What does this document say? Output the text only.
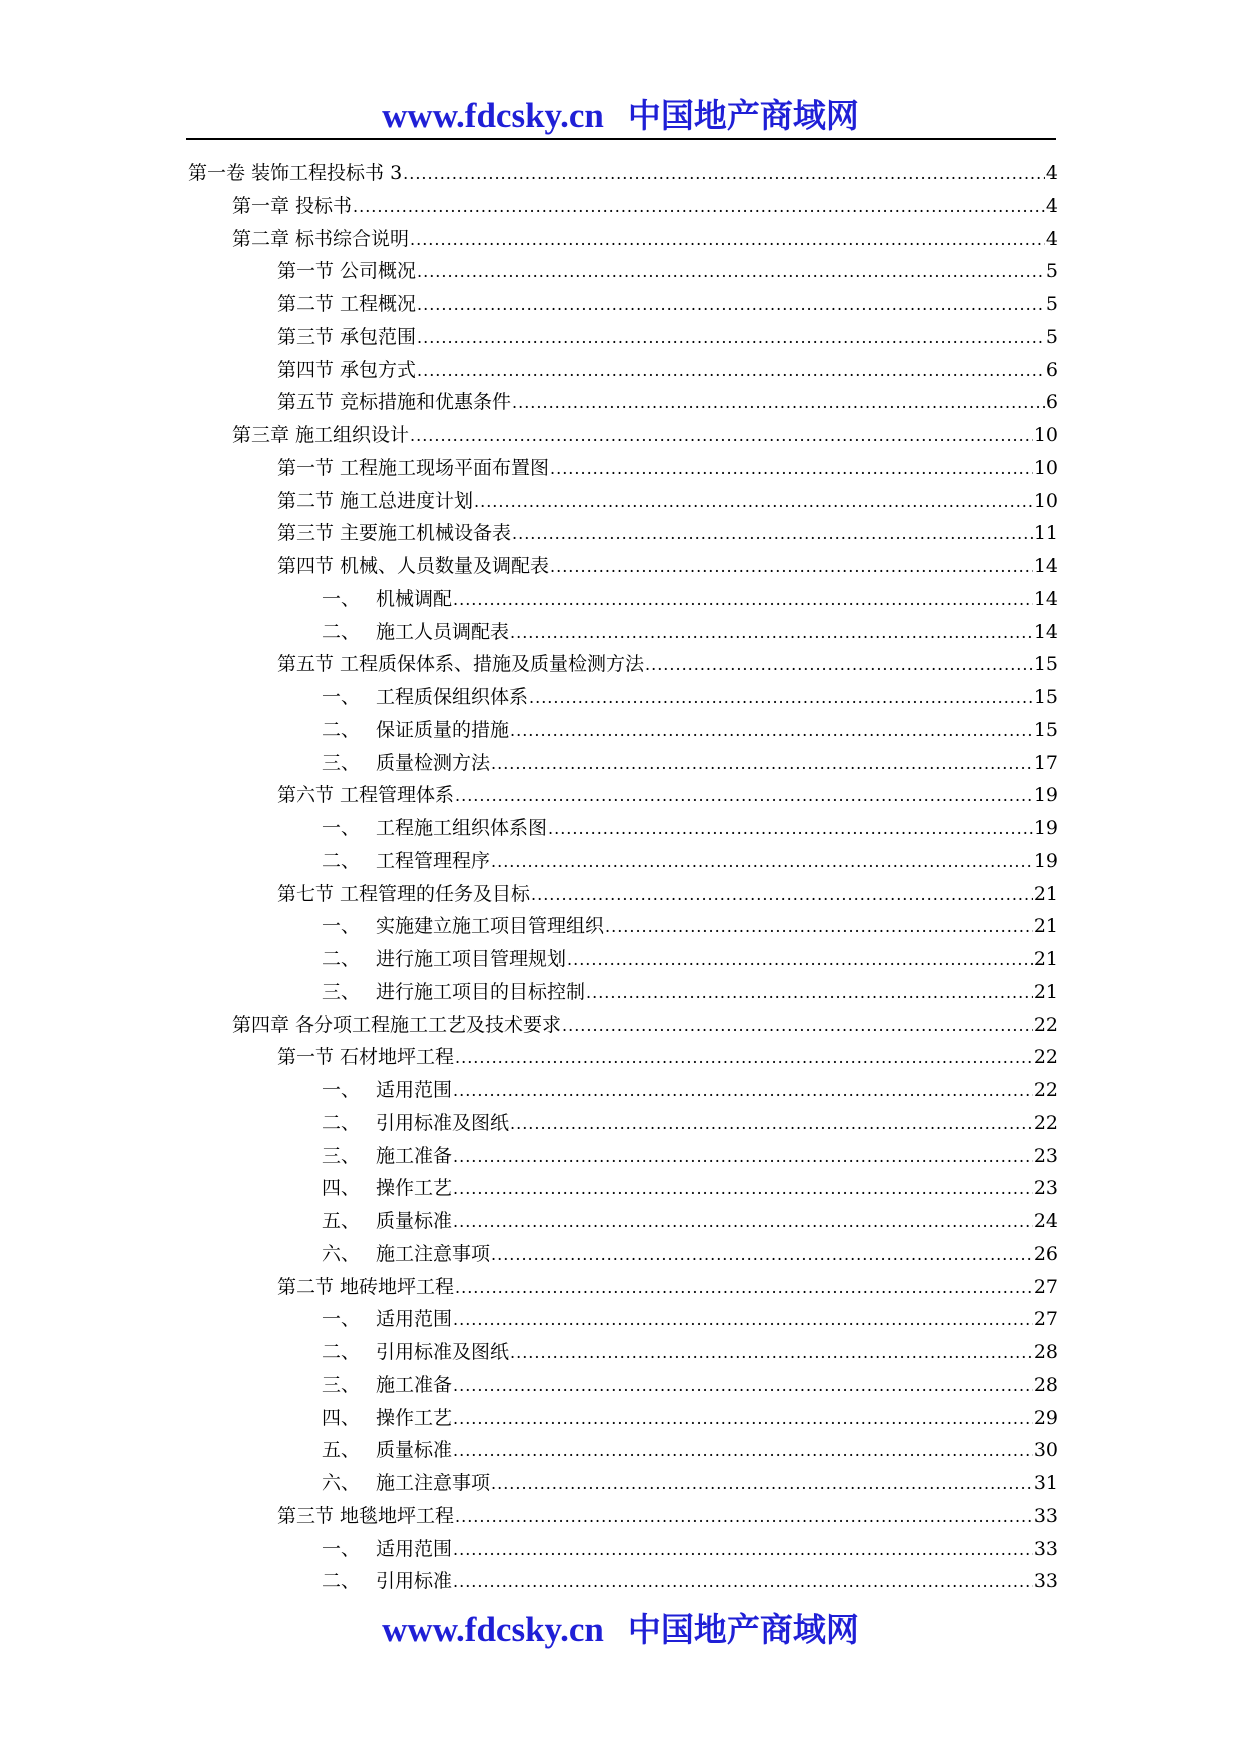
www.fdcsky.cn 中国地产商域网
第一卷 装饰工程投标书 3 .....	4
第一章 投标书 .....	4
第二章 标书综合说明 .....	4
第一节 公司概况 .....	5
第二节 工程概况 .....	5
第三节 承包范围 .....	5
第四节 承包方式 .....	6
第五节 竞标措施和优惠条件 .....	6
第三章 施工组织设计 .....	10
第一节 工程施工现场平面布置图 .....	10
第二节 施工总进度计划 .....	10
第三节 主要施工机械设备表 .....	11
第四节 机械、人员数量及调配表 .....	14
一、 机械调配 .....	14
二、 施工人员调配表 .....	14
第五节 工程质保体系、措施及质量检测方法 .....	15
一、 工程质保组织体系 .....	15
二、 保证质量的措施 .....	15
三、 质量检测方法 .....	17
第六节 工程管理体系 .....	19
一、 工程施工组织体系图 .....	19
二、 工程管理程序 .....	19
第七节 工程管理的任务及目标 .....	21
一、 实施建立施工项目管理组织 .....	21
二、 进行施工项目管理规划 .....	21
三、 进行施工项目的目标控制 .....	21
第四章 各分项工程施工工艺及技术要求 .....	22
第一节 石材地坪工程 .....	22
一、 适用范围 .....	22
二、 引用标准及图纸 .....	22
三、 施工准备 .....	23
四、 操作工艺 .....	23
五、 质量标准 .....	24
六、 施工注意事项 .....	26
第二节 地砖地坪工程 .....	27
一、 适用范围 .....	27
二、 引用标准及图纸 .....	28
三、 施工准备 .....	28
四、 操作工艺 .....	29
五、 质量标准 .....	30
六、 施工注意事项 .....	31
第三节 地毯地坪工程 .....	33
一、 适用范围 .....	33
二、 引用标准 .....	33
www.fdcsky.cn 中国地产商域网
